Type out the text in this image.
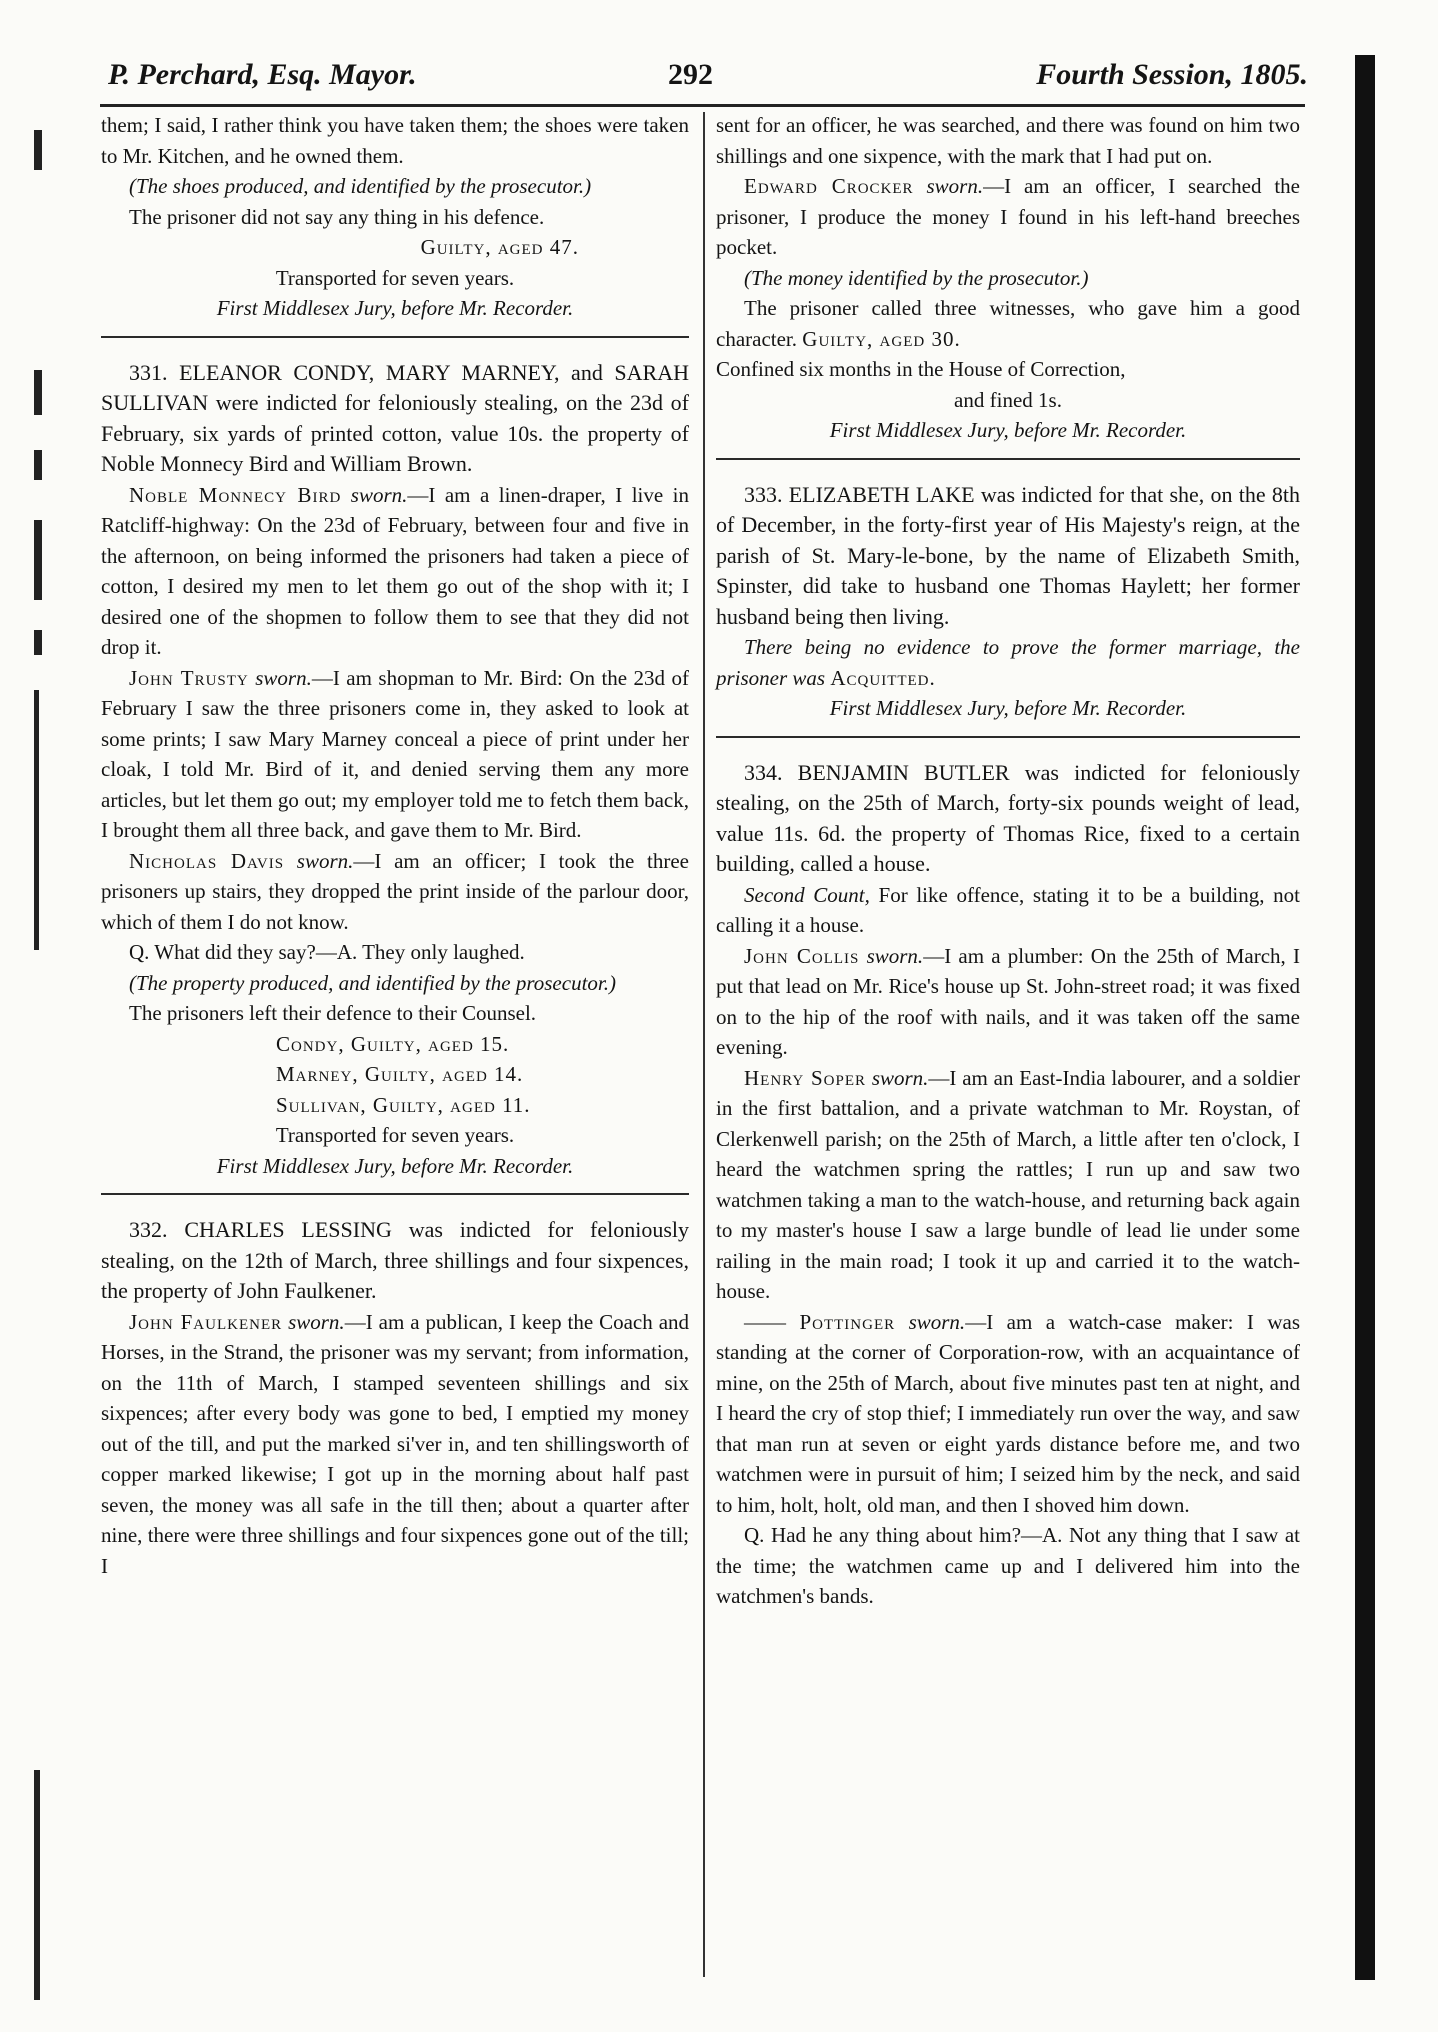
P. Perchard, Esq. Mayor.	292	Fourth Session, 1805.

them; I said, I rather think you have taken them; the shoes were taken to Mr. Kitchen, and he owned them.

(The shoes produced, and identified by the prosecutor.)

The prisoner did not say any thing in his defence.

Guilty, aged 47.

Transported for seven years.

First Middlesex Jury, before Mr. Recorder.

331. ELEANOR CONDY, MARY MARNEY, and SARAH SULLIVAN were indicted for feloniously stealing, on the 23d of February, six yards of printed cotton, value 10s. the property of Noble Monnecy Bird and William Brown.

Noble Monnecy Bird sworn.—I am a linen-draper, I live in Ratcliff-highway: On the 23d of February, between four and five in the afternoon, on being informed the prisoners had taken a piece of cotton, I desired my men to let them go out of the shop with it; I desired one of the shopmen to follow them to see that they did not drop it.

John Trusty sworn.—I am shopman to Mr. Bird: On the 23d of February I saw the three prisoners come in, they asked to look at some prints; I saw Mary Marney conceal a piece of print under her cloak, I told Mr. Bird of it, and denied serving them any more articles, but let them go out; my employer told me to fetch them back, I brought them all three back, and gave them to Mr. Bird.

Nicholas Davis sworn.—I am an officer; I took the three prisoners up stairs, they dropped the print inside of the parlour door, which of them I do not know.

Q. What did they say?—A. They only laughed.

(The property produced, and identified by the prosecutor.)

The prisoners left their defence to their Counsel.

Condy, Guilty, aged 15.

Marney, Guilty, aged 14.

Sullivan, Guilty, aged 11.

Transported for seven years.

First Middlesex Jury, before Mr. Recorder.

332. CHARLES LESSING was indicted for feloniously stealing, on the 12th of March, three shillings and four sixpences, the property of John Faulkener.

John Faulkener sworn.—I am a publican, I keep the Coach and Horses, in the Strand, the prisoner was my servant; from information, on the 11th of March, I stamped seventeen shillings and six sixpences; after every body was gone to bed, I emptied my money out of the till, and put the marked si'ver in, and ten shillingsworth of copper marked likewise; I got up in the morning about half past seven, the money was all safe in the till then; about a quarter after nine, there were three shillings and four sixpences gone out of the till; I

sent for an officer, he was searched, and there was found on him two shillings and one sixpence, with the mark that I had put on.

Edward Crocker sworn.—I am an officer, I searched the prisoner, I produce the money I found in his left-hand breeches pocket.

(The money identified by the prosecutor.)

The prisoner called three witnesses, who gave him a good character. Guilty, aged 30.

Confined six months in the House of Correction,

and fined 1s.

First Middlesex Jury, before Mr. Recorder.

333. ELIZABETH LAKE was indicted for that she, on the 8th of December, in the forty-first year of His Majesty's reign, at the parish of St. Mary-le-bone, by the name of Elizabeth Smith, Spinster, did take to husband one Thomas Haylett; her former husband being then living.

There being no evidence to prove the former marriage, the prisoner was Acquitted.

First Middlesex Jury, before Mr. Recorder.

334. BENJAMIN BUTLER was indicted for feloniously stealing, on the 25th of March, forty-six pounds weight of lead, value 11s. 6d. the property of Thomas Rice, fixed to a certain building, called a house.

Second Count, For like offence, stating it to be a building, not calling it a house.

John Collis sworn.—I am a plumber: On the 25th of March, I put that lead on Mr. Rice's house up St. John-street road; it was fixed on to the hip of the roof with nails, and it was taken off the same evening.

Henry Soper sworn.—I am an East-India labourer, and a soldier in the first battalion, and a private watchman to Mr. Roystan, of Clerkenwell parish; on the 25th of March, a little after ten o'clock, I heard the watchmen spring the rattles; I run up and saw two watchmen taking a man to the watch-house, and returning back again to my master's house I saw a large bundle of lead lie under some railing in the main road; I took it up and carried it to the watch-house.

—— Pottinger sworn.—I am a watch-case maker: I was standing at the corner of Corporation-row, with an acquaintance of mine, on the 25th of March, about five minutes past ten at night, and I heard the cry of stop thief; I immediately run over the way, and saw that man run at seven or eight yards distance before me, and two watchmen were in pursuit of him; I seized him by the neck, and said to him, holt, holt, old man, and then I shoved him down.

Q. Had he any thing about him?—A. Not any thing that I saw at the time; the watchmen came up and I delivered him into the watchmen's bands.
